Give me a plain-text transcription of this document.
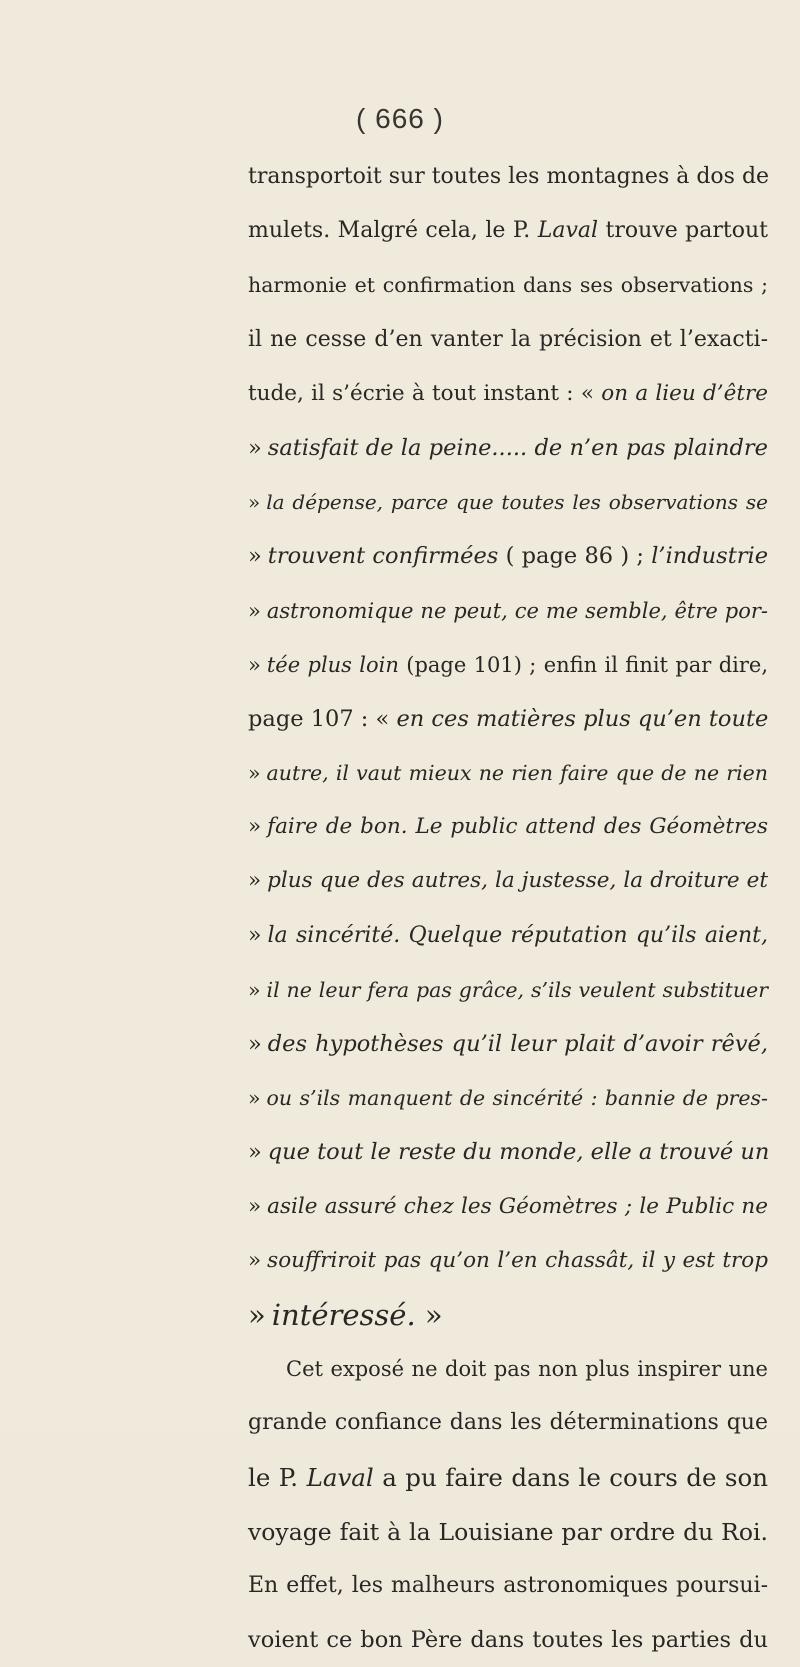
( 666 )
transportoit sur toutes les montagnes à dos de
mulets. Malgré cela, le P. Laval trouve partout
harmonie et confirmation dans ses observations ;
il ne cesse d’en vanter la précision et l’exacti-
tude, il s’écrie à tout instant : « on a lieu d’être
» satisfait de la peine..... de n’en pas plaindre
» la dépense, parce que toutes les observations se
» trouvent confirmées ( page 86 ) ; l’industrie
» astronomique ne peut, ce me semble, être por-
» tée plus loin (page 101) ; enfin il finit par dire,
page 107 : « en ces matières plus qu’en toute
» autre, il vaut mieux ne rien faire que de ne rien
» faire de bon. Le public attend des Géomètres
» plus que des autres, la justesse, la droiture et
» la sincérité. Quelque réputation qu’ils aient,
» il ne leur fera pas grâce, s’ils veulent substituer
» des hypothèses qu’il leur plait d’avoir rêvé,
» ou s’ils manquent de sincérité : bannie de pres-
» que tout le reste du monde, elle a trouvé un
» asile assuré chez les Géomètres ; le Public ne
» souffriroit pas qu’on l’en chassât, il y est trop
» intéressé. »
Cet exposé ne doit pas non plus inspirer une
grande confiance dans les déterminations que
le P. Laval a pu faire dans le cours de son
voyage fait à la Louisiane par ordre du Roi.
En effet, les malheurs astronomiques poursui-
voient ce bon Père dans toutes les parties du
